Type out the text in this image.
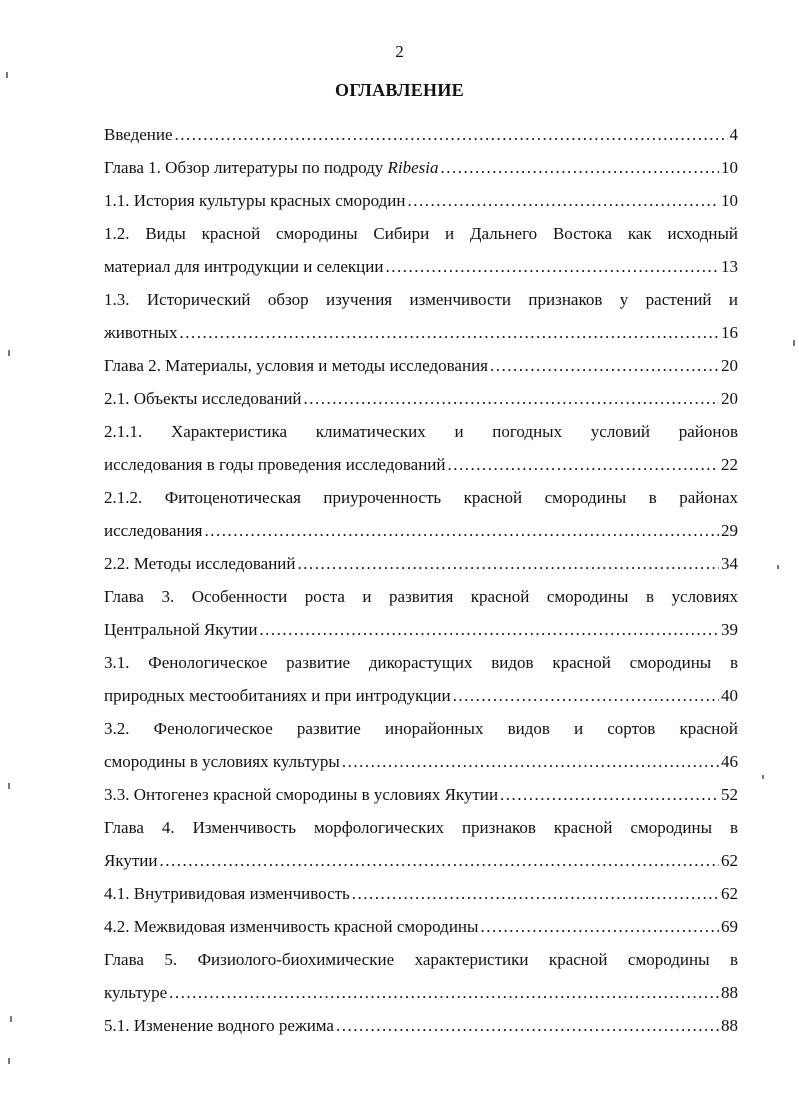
2
ОГЛАВЛЕНИЕ
Введение .....	4
Глава 1. Обзор литературы по подроду Ribesia .....	10
1.1. История культуры красных смородин .....	10
1.2. Виды красной смородины Сибири и Дальнего Востока как исходный
материал для интродукции и селекции .....	13
1.3. Исторический обзор изучения изменчивости признаков у растений и
животных .....	16
Глава 2. Материалы, условия и методы исследования .....	20
2.1. Объекты исследований .....	20
2.1.1. Характеристика климатических и погодных условий районов
исследования в годы проведения исследований .....	22
2.1.2. Фитоценотическая приуроченность красной смородины в районах
исследования .....	29
2.2. Методы исследований .....	34
Глава 3. Особенности роста и развития красной смородины в условиях
Центральной Якутии .....	39
3.1. Фенологическое развитие дикорастущих видов красной смородины в
природных местообитаниях и при интродукции .....	40
3.2. Фенологическое развитие инорайонных видов и сортов красной
смородины в условиях культуры .....	46
3.3. Онтогенез красной смородины в условиях Якутии .....	52
Глава 4. Изменчивость морфологических признаков красной смородины в
Якутии .....	62
4.1. Внутривидовая изменчивость .....	62
4.2. Межвидовая изменчивость красной смородины .....	69
Глава 5. Физиолого-биохимические характеристики красной смородины в
культуре .....	88
5.1. Изменение водного режима .....	88
